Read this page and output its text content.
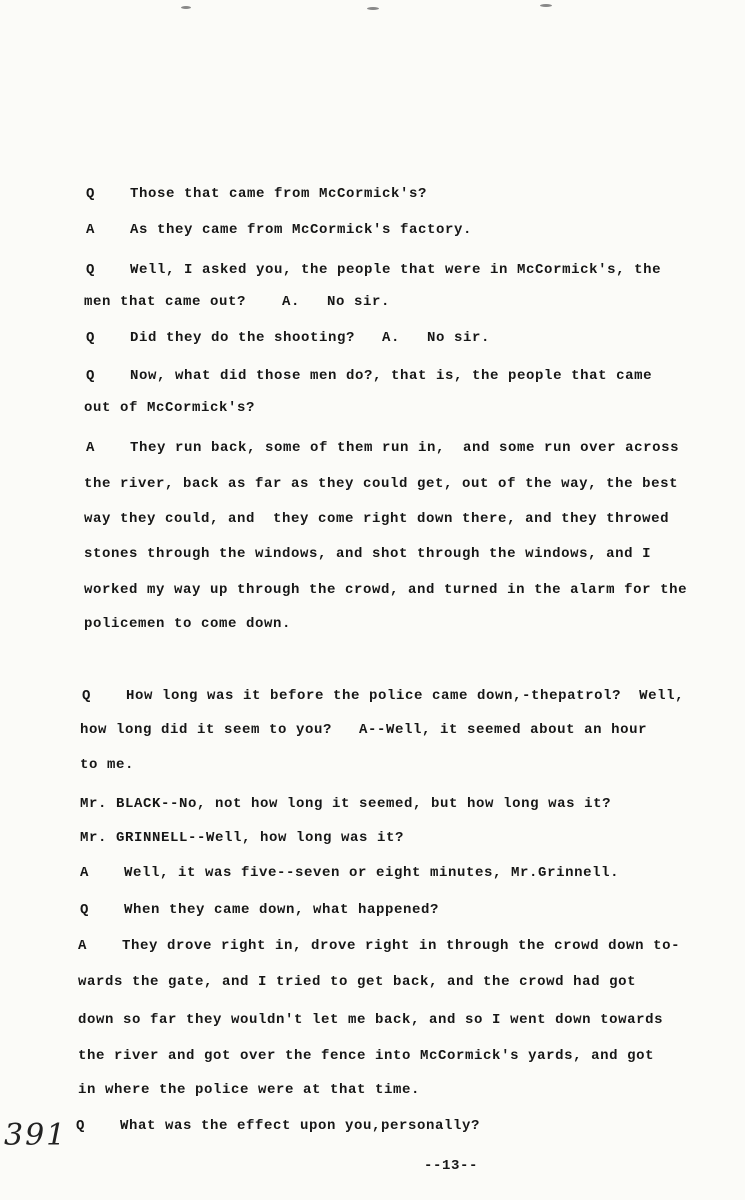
Q Those that came from McCormick's?
A As they came from McCormick's factory.
Q Well, I asked you, the people that were in McCormick's, the
men that came out?    A.   No sir.
Q Did they do the shooting?   A.   No sir.
Q Now, what did those men do?, that is, the people that came
out of McCormick's?
A They run back, some of them run in,  and some run over across
the river, back as far as they could get, out of the way, the best
way they could, and  they come right down there, and they throwed
stones through the windows, and shot through the windows, and I
worked my way up through the crowd, and turned in the alarm for the
policemen to come down.
Q How long was it before the police came down,-thepatrol?  Well,
how long did it seem to you?   A--Well, it seemed about an hour
to me.
Mr. BLACK--No, not how long it seemed, but how long was it?
Mr. GRINNELL--Well, how long was it?
A Well, it was five--seven or eight minutes, Mr.Grinnell.
Q When they came down, what happened?
A They drove right in, drove right in through the crowd down to-
wards the gate, and I tried to get back, and the crowd had got
down so far they wouldn't let me back, and so I went down towards
the river and got over the fence into McCormick's yards, and got
in where the police were at that time.
Q What was the effect upon you,personally?
391
--13--
